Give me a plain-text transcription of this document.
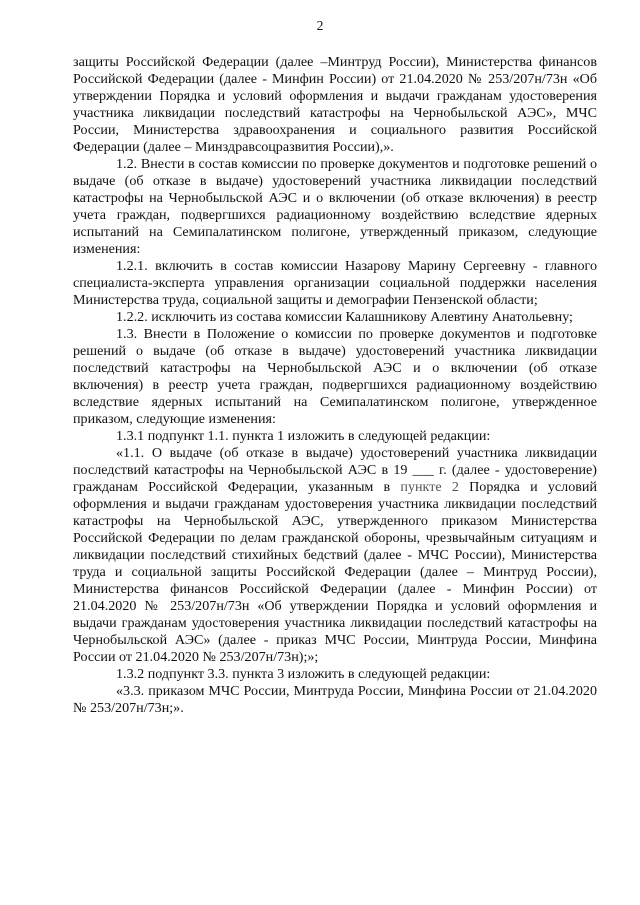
2

защиты Российской Федерации (далее –Минтруд России), Министерства финансов Российской Федерации (далее - Минфин России) от 21.04.2020 № 253/207н/73н «Об утверждении Порядка и условий оформления и выдачи гражданам удостоверения участника ликвидации последствий катастрофы на Чернобыльской АЭС», МЧС России, Министерства здравоохранения и социального развития Российской Федерации (далее – Минздравсоцразвития России),».

1.2. Внести в состав комиссии по проверке документов и подготовке решений о выдаче (об отказе в выдаче) удостоверений участника ликвидации последствий катастрофы на Чернобыльской АЭС и о включении (об отказе включения) в реестр учета граждан, подвергшихся радиационному воздействию вследствие ядерных испытаний на Семипалатинском полигоне, утвержденный приказом, следующие изменения:

1.2.1. включить в состав комиссии Назарову Марину Сергеевну - главного специалиста-эксперта управления организации социальной поддержки населения Министерства труда, социальной защиты и демографии Пензенской области;

1.2.2. исключить из состава комиссии Калашникову Алевтину Анатольевну;

1.3. Внести в Положение о комиссии по проверке документов и подготовке решений о выдаче (об отказе в выдаче) удостоверений участника ликвидации последствий катастрофы на Чернобыльской АЭС и о включении (об отказе включения) в реестр учета граждан, подвергшихся радиационному воздействию вследствие ядерных испытаний на Семипалатинском полигоне, утвержденное приказом, следующие изменения:

1.3.1 подпункт 1.1. пункта 1 изложить в следующей редакции:

«1.1. О выдаче (об отказе в выдаче) удостоверений участника ликвидации последствий катастрофы на Чернобыльской АЭС в 19 ___ г. (далее - удостоверение) гражданам Российской Федерации, указанным в пункте 2 Порядка и условий оформления и выдачи гражданам удостоверения участника ликвидации последствий катастрофы на Чернобыльской АЭС, утвержденного приказом Министерства Российской Федерации по делам гражданской обороны, чрезвычайным ситуациям и ликвидации последствий стихийных бедствий (далее - МЧС России), Министерства труда и социальной защиты Российской Федерации (далее – Минтруд России), Министерства финансов Российской Федерации (далее - Минфин России) от 21.04.2020 № 253/207н/73н «Об утверждении Порядка и условий оформления и выдачи гражданам удостоверения участника ликвидации последствий катастрофы на Чернобыльской АЭС» (далее - приказ МЧС России, Минтруда России, Минфина России от 21.04.2020 № 253/207н/73н);»;

1.3.2 подпункт 3.3. пункта 3 изложить в следующей редакции:

«3.3. приказом МЧС России, Минтруда России, Минфина России от 21.04.2020 № 253/207н/73н;».
